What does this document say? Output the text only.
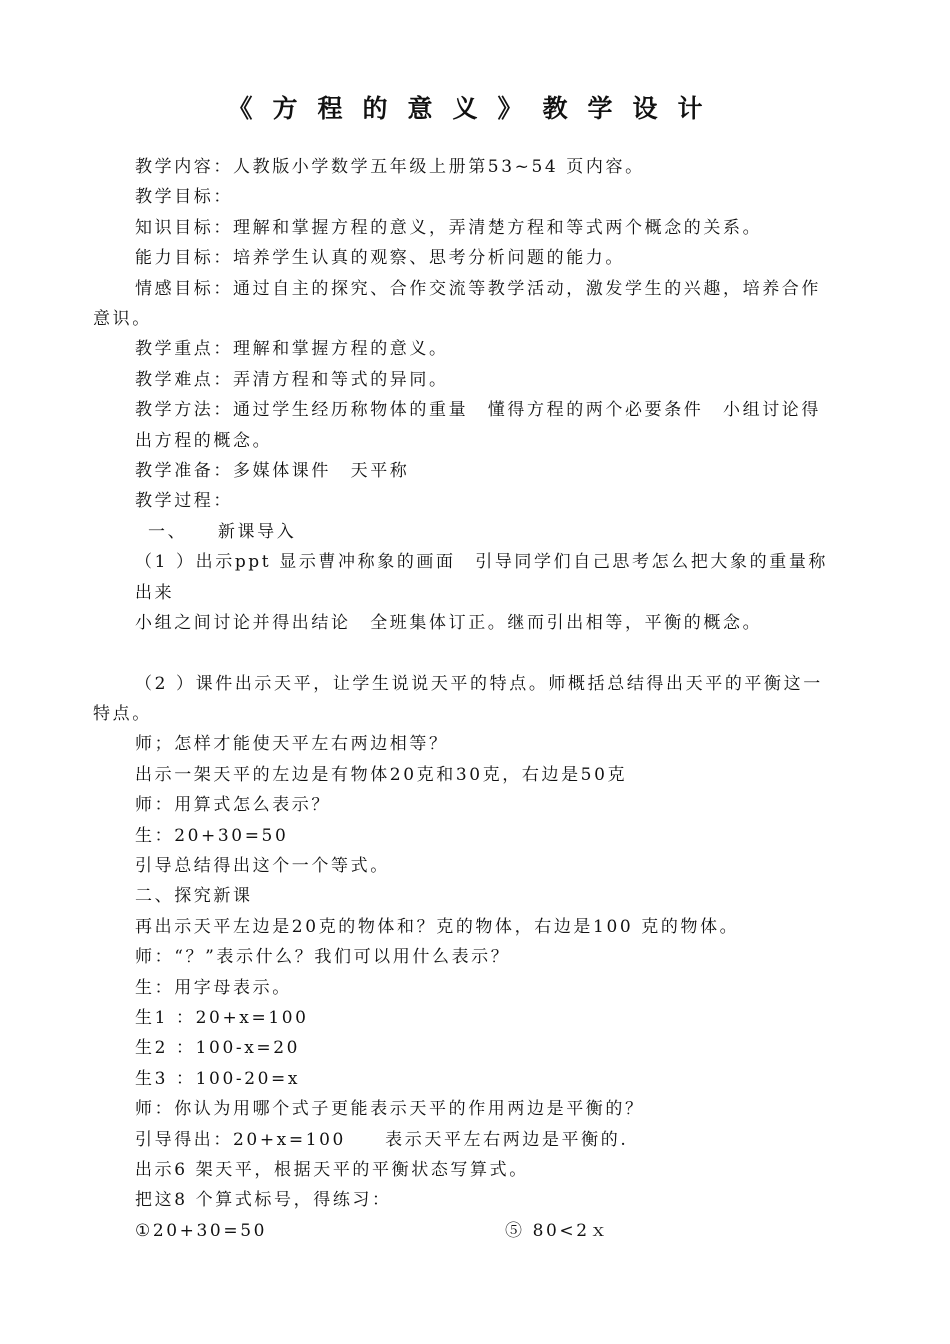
《方程的意义》教学设计

教学内容：人教版小学数学五年级上册第53~54 页内容。

教学目标：

知识目标：理解和掌握方程的意义，弄清楚方程和等式两个概念的关系。

能力目标：培养学生认真的观察、思考分析问题的能力。

情感目标：通过自主的探究、合作交流等教学活动，激发学生的兴趣，培养合作

意识。

教学重点：理解和掌握方程的意义。

教学难点：弄清方程和等式的异同。

教学方法：通过学生经历称物体的重量　懂得方程的两个必要条件　小组讨论得

出方程的概念。

教学准备：多媒体课件　天平称

教学过程：

一、　　新课导入

（1 ）出示ppt 显示曹冲称象的画面　引导同学们自己思考怎么把大象的重量称

出来

小组之间讨论并得出结论　全班集体订正。继而引出相等，平衡的概念。

（2 ）课件出示天平，让学生说说天平的特点。师概括总结得出天平的平衡这一

特点。

师；怎样才能使天平左右两边相等？

出示一架天平的左边是有物体20克和30克，右边是50克

师：用算式怎么表示？

生：20+30=50

引导总结得出这个一个等式。

二、探究新课

再出示天平左边是20克的物体和？克的物体，右边是100 克的物体。

师：“？”表示什么？我们可以用什么表示？

生：用字母表示。

生1 ：20+x=100

生2 ：100-x=20

生3 ：100-20=x

师：你认为用哪个式子更能表示天平的作用两边是平衡的？

引导得出：20+x=100　　表示天平左右两边是平衡的.

出示6 架天平，根据天平的平衡状态写算式。

把这8 个算式标号，得练习：

①20+30=50	⑤ 80<2ｘ
